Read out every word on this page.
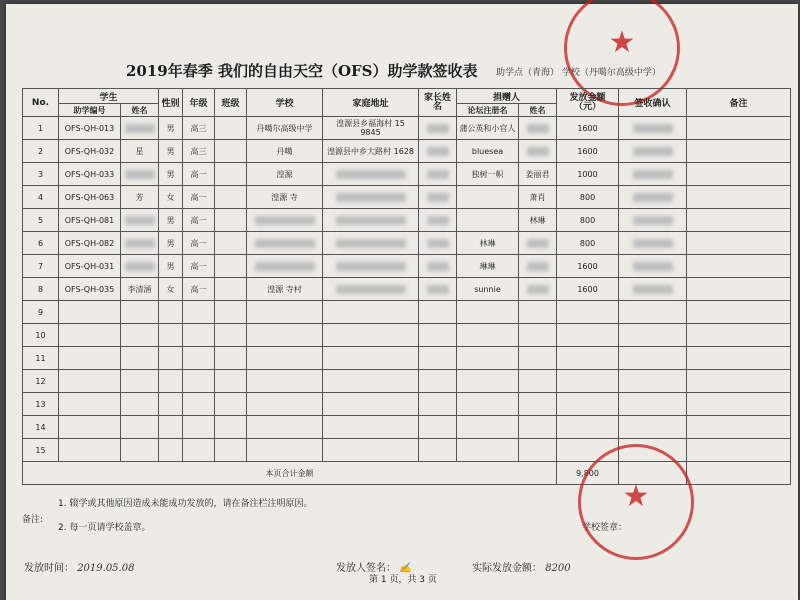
2019年春季 我们的自由天空（OFS）助学款签收表 助学点（青海） 学校（丹噶尔高级中学）
★
No.	学生		性别	年级	班级	学校	家庭地址	家长姓名	捐赠人		发放金额（元）	签收确认	备注
	助学编号	姓名							论坛注册名	姓名			
1	OFS-QH-013		男	高三		丹噶尔高级中学	湟源县乡福海村 15 9845		蒲公英和小官人		1600		
2	OFS-QH-032	星	男	高三		丹噶	湟源县中乡大路村 1628		bluesea		1600		
3	OFS-QH-033		男	高一		湟源			独树一帜	姜丽君	1000		
4	OFS-QH-063	芳	女	高一		湟源 寺				萧肖	800		
5	OFS-QH-081		男	高一						林琳	800		
6	OFS-QH-082		男	高一					林琳		800		
7	OFS-QH-031		男	高一					琳琳		1600		
8	OFS-QH-035	李清涵	女	高一		湟源 寺村			sunnie		1600		
9													
10													
11													
12													
13													
14													
15													
本页合计金额											9,800		
备注:
1. 辍学或其他原因造成未能成功发放的，请在备注栏注明原因。
2. 每一页请学校盖章。	学校签章：
★
发放时间： 2019.05.08	发放人签名： ✍	实际发放金额： 8200
第 1 页，共 3 页
